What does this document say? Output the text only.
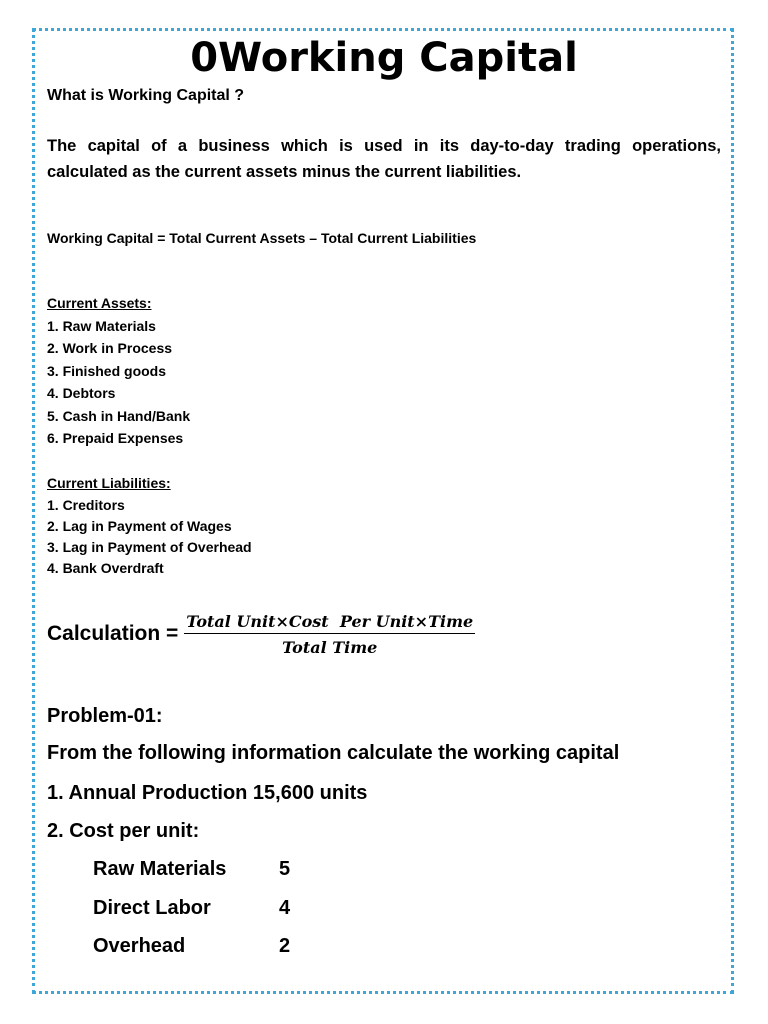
0Working Capital
What is Working Capital ?
The capital of a business which is used in its day-to-day trading operations, calculated as the current assets minus the current liabilities.
Working Capital = Total Current Assets – Total Current Liabilities
Current Assets:
1. Raw Materials
2. Work in Process
3. Finished goods
4. Debtors
5. Cash in Hand/Bank
6. Prepaid Expenses
Current Liabilities:
1. Creditors
2. Lag in Payment of Wages
3. Lag in Payment of Overhead
4. Bank Overdraft
Calculation = $\frac{\text{Total Unit×Cost  Per Unit×Time}}{\text{Total Time}}$
Problem-01:
From the following information calculate the working capital
1. Annual Production 15,600 units
2. Cost per unit:
Raw Materials	5
Direct Labor	4
Overhead	2
